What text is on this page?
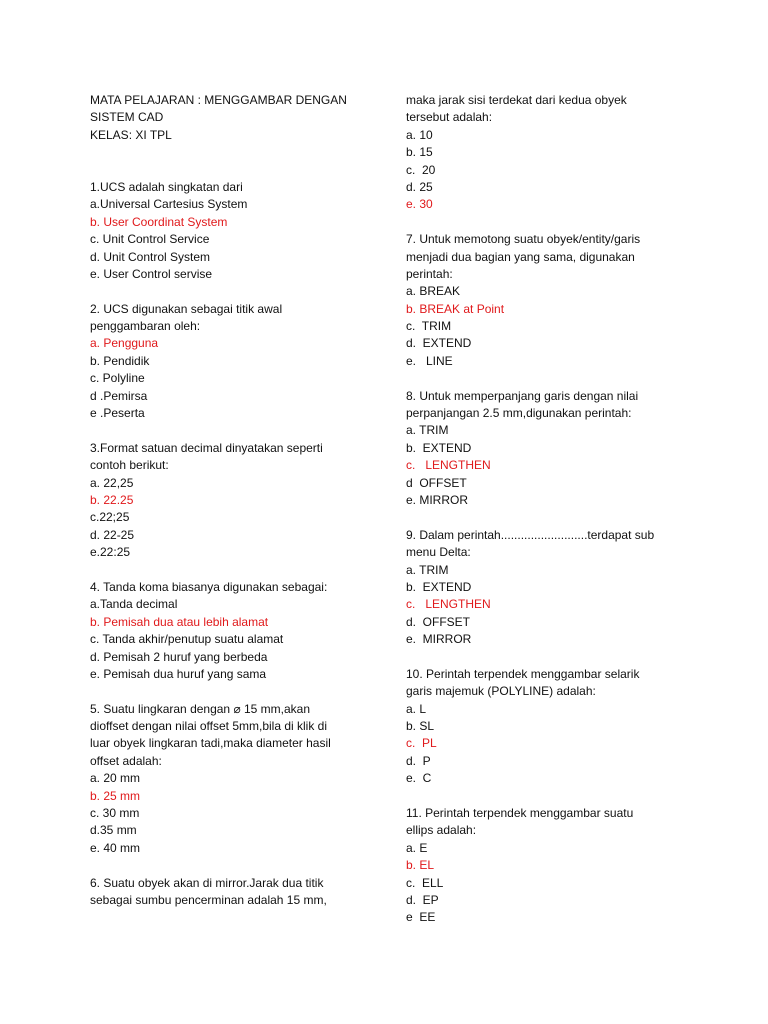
MATA PELAJARAN : MENGGAMBAR DENGAN
SISTEM CAD
KELAS: XI TPL
1.UCS adalah singkatan dari
a.Universal Cartesius System
b. User Coordinat System
c. Unit Control Service
d. Unit Control System
e. User Control servise
2. UCS digunakan sebagai titik awal
penggambaran oleh:
a. Pengguna
b. Pendidik
c. Polyline
d .Pemirsa
e .Peserta
3.Format satuan decimal dinyatakan seperti
contoh berikut:
a. 22,25
b. 22.25
c.22;25
d. 22-25
e.22:25
4. Tanda koma biasanya digunakan sebagai:
a.Tanda decimal
b. Pemisah dua atau lebih alamat
c. Tanda akhir/penutup suatu alamat
d. Pemisah 2 huruf yang berbeda
e. Pemisah dua huruf yang sama
5. Suatu lingkaran dengan ⌀ 15 mm,akan
dioffset dengan nilai offset 5mm,bila di klik di
luar obyek lingkaran tadi,maka diameter hasil
offset adalah:
a. 20 mm
b. 25 mm
c. 30 mm
d.35 mm
e. 40 mm
6. Suatu obyek akan di mirror.Jarak dua titik
sebagai sumbu pencerminan adalah 15 mm,
maka jarak sisi terdekat dari kedua obyek
tersebut adalah:
a. 10
b. 15
c.  20
d. 25
e. 30
7. Untuk memotong suatu obyek/entity/garis
menjadi dua bagian yang sama, digunakan
perintah:
a. BREAK
b. BREAK at Point
c.  TRIM
d.  EXTEND
e.   LINE
8. Untuk memperpanjang garis dengan nilai
perpanjangan 2.5 mm,digunakan perintah:
a. TRIM
b.  EXTEND
c.   LENGTHEN
d  OFFSET
e. MIRROR
9. Dalam perintah..........................terdapat sub
menu Delta:
a. TRIM
b.  EXTEND
c.   LENGTHEN
d.  OFFSET
e.  MIRROR
10. Perintah terpendek menggambar selarik
garis majemuk (POLYLINE) adalah:
a. L
b. SL
c.  PL
d.  P
e.  C
11. Perintah terpendek menggambar suatu
ellips adalah:
a. E
b. EL
c.  ELL
d.  EP
e  EE
